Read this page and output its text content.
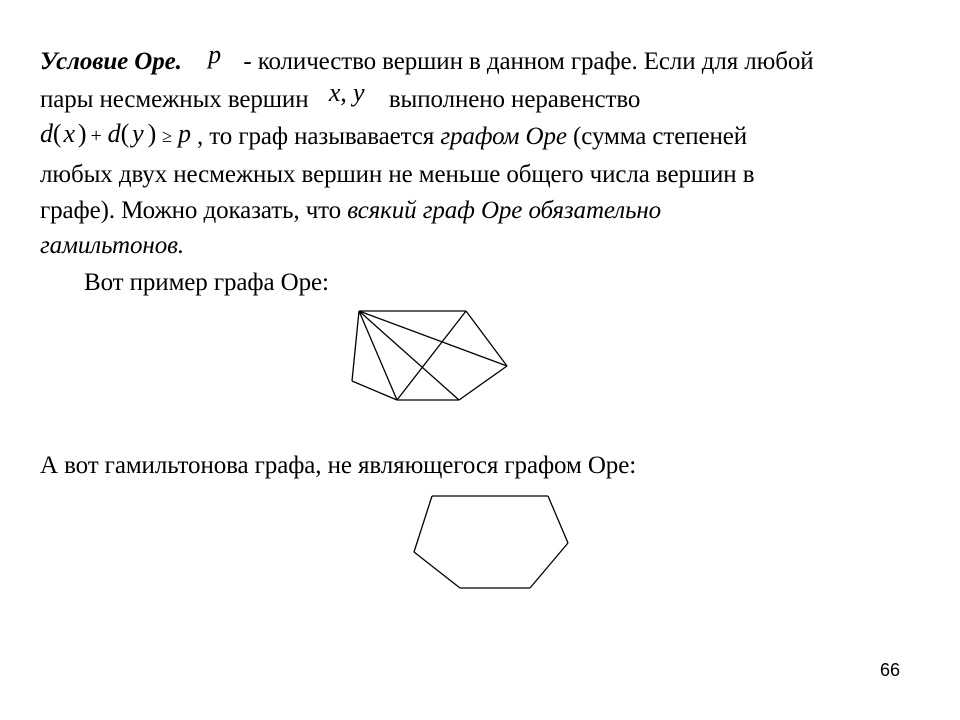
Условие Оре. p - количество вершин в данном графе. Если для любой
пары несмежных вершин x, y выполнено неравенство
d(x ) + d( y ) ≥ p , то граф называвается графом Оре (сумма степеней
любых двух несмежных вершин не меньше общего числа вершин в
графе). Можно доказать, что всякий граф Оре обязательно
гамильтонов.
Вот пример графа Оре:
А вот гамильтонова графа, не являющегося графом Оре:
66
